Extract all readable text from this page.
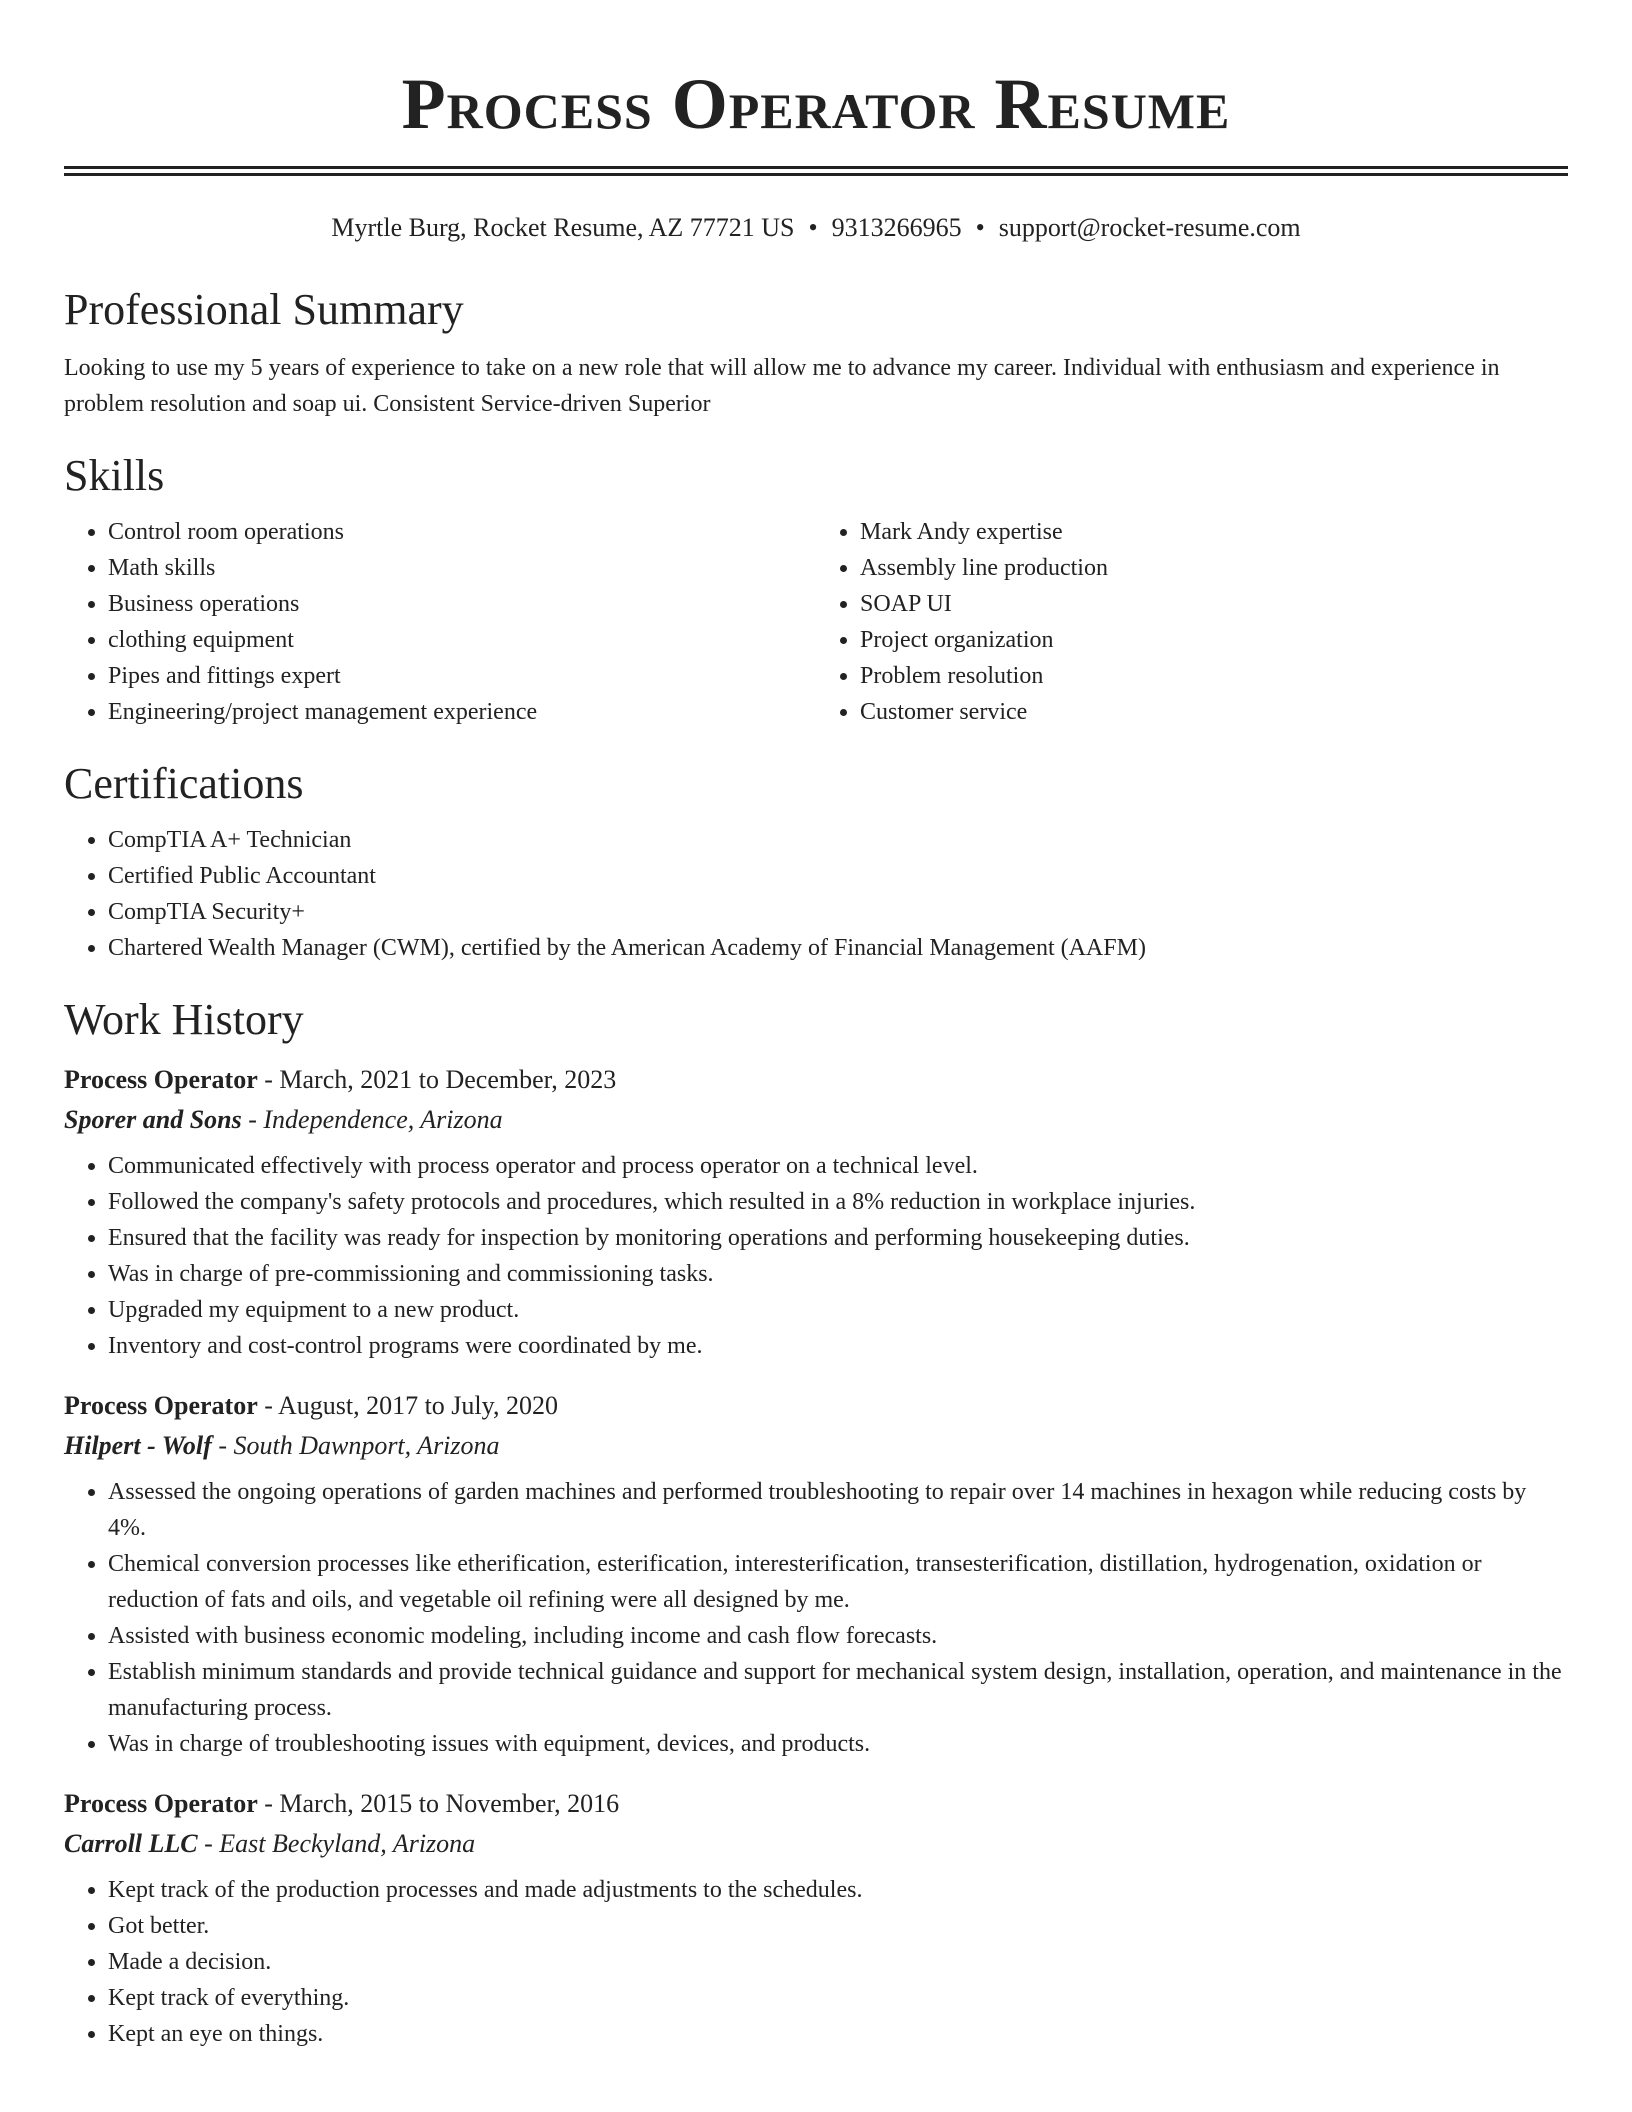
Process Operator Resume
Myrtle Burg, Rocket Resume, AZ 77721 US • 9313266965 • support@rocket-resume.com
Professional Summary
Looking to use my 5 years of experience to take on a new role that will allow me to advance my career. Individual with enthusiasm and experience in problem resolution and soap ui. Consistent Service-driven Superior
Skills
• Control room operations
• Math skills
• Business operations
• clothing equipment
• Pipes and fittings expert
• Engineering/project management experience
• Mark Andy expertise
• Assembly line production
• SOAP UI
• Project organization
• Problem resolution
• Customer service
Certifications
• CompTIA A+ Technician
• Certified Public Accountant
• CompTIA Security+
• Chartered Wealth Manager (CWM), certified by the American Academy of Financial Management (AAFM)
Work History
Process Operator - March, 2021 to December, 2023
Sporer and Sons - Independence, Arizona
• Communicated effectively with process operator and process operator on a technical level.
• Followed the company's safety protocols and procedures, which resulted in a 8% reduction in workplace injuries.
• Ensured that the facility was ready for inspection by monitoring operations and performing housekeeping duties.
• Was in charge of pre-commissioning and commissioning tasks.
• Upgraded my equipment to a new product.
• Inventory and cost-control programs were coordinated by me.
Process Operator - August, 2017 to July, 2020
Hilpert - Wolf - South Dawnport, Arizona
• Assessed the ongoing operations of garden machines and performed troubleshooting to repair over 14 machines in hexagon while reducing costs by 4%.
• Chemical conversion processes like etherification, esterification, interesterification, transesterification, distillation, hydrogenation, oxidation or reduction of fats and oils, and vegetable oil refining were all designed by me.
• Assisted with business economic modeling, including income and cash flow forecasts.
• Establish minimum standards and provide technical guidance and support for mechanical system design, installation, operation, and maintenance in the manufacturing process.
• Was in charge of troubleshooting issues with equipment, devices, and products.
Process Operator - March, 2015 to November, 2016
Carroll LLC - East Beckyland, Arizona
• Kept track of the production processes and made adjustments to the schedules.
• Got better.
• Made a decision.
• Kept track of everything.
• Kept an eye on things.
